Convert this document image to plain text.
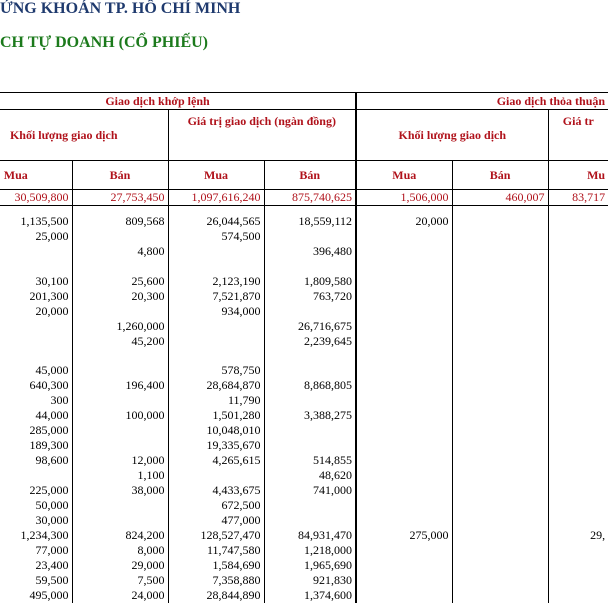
ỨNG KHOÁN TP. HỒ CHÍ MINH
CH TỰ DOANH (CỔ PHIẾU)
Giao dịch khớp lệnh				Giao dịch thỏa thuận		
Khối lượng giao dịch		Giá trị giao dịch (ngàn đồng)		Khối lượng giao dịch		Giá tr
Mua	Bán	Mua	Bán	Mua	Bán	Mu
30,509,800	27,753,450	1,097,616,240	875,740,625	1,506,000	460,007	83,717

1,135,500	809,568	26,044,565	18,559,112	20,000		
25,000		574,500				
	4,800		396,480			

30,100	25,600	2,123,190	1,809,580			
201,300	20,300	7,521,870	763,720			
20,000		934,000				
	1,260,000		26,716,675			
	45,200		2,239,645			

45,000		578,750				
640,300	196,400	28,684,870	8,868,805			
300		11,790				
44,000	100,000	1,501,280	3,388,275			
285,000		10,048,010				
189,300		19,335,670				
98,600	12,000	4,265,615	514,855			
	1,100		48,620			
225,000	38,000	4,433,675	741,000			
50,000		672,500				
30,000		477,000				
1,234,300	824,200	128,527,470	84,931,470	275,000		29,
77,000	8,000	11,747,580	1,218,000			
23,400	29,000	1,584,690	1,965,690			
59,500	7,500	7,358,880	921,830			
495,000	24,000	28,844,890	1,374,600			
